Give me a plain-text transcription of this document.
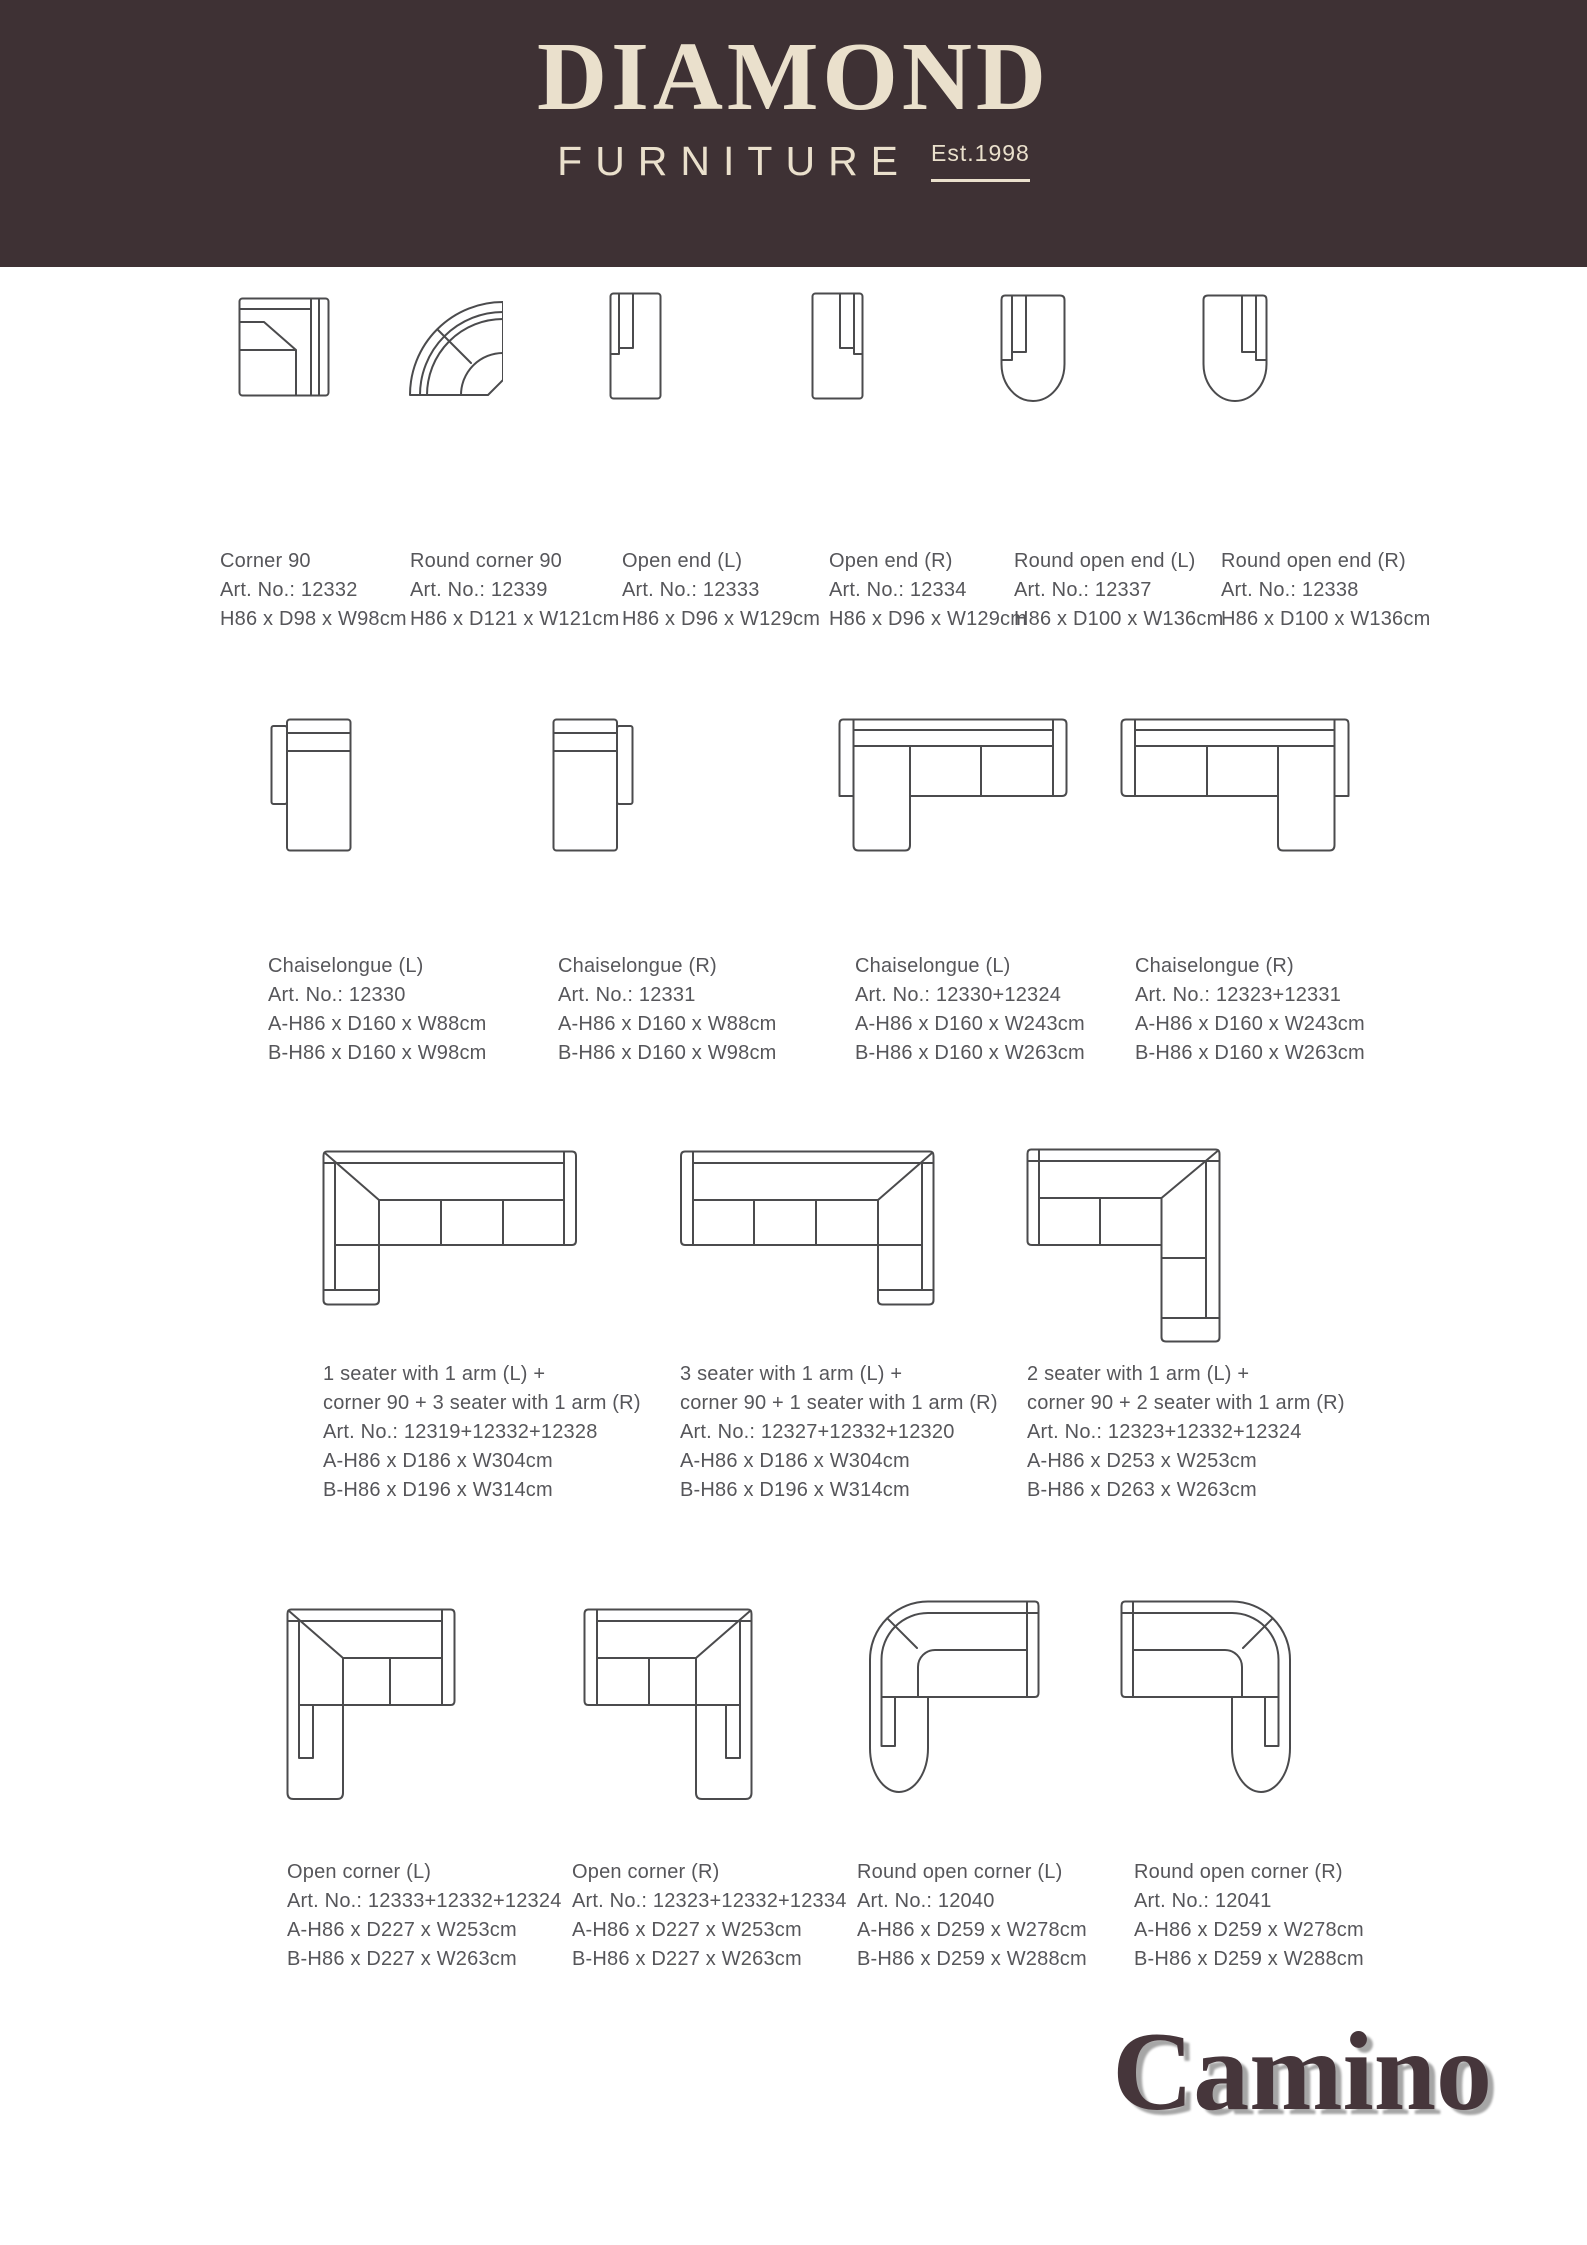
DIAMOND
FURNITURE Est.1998
Corner 90
Art. No.: 12332
H86 x D98 x W98cm
Round corner 90
Art. No.: 12339
H86 x D121 x W121cm
Open end (L)
Art. No.: 12333
H86 x D96 x W129cm
Open end (R)
Art. No.: 12334
H86 x D96 x W129cm
Round open end (L)
Art. No.: 12337
H86 x D100 x W136cm
Round open end (R)
Art. No.: 12338
H86 x D100 x W136cm
Chaiselongue (L)
Art. No.: 12330
A-H86 x D160 x W88cm
B-H86 x D160 x W98cm
Chaiselongue (R)
Art. No.: 12331
A-H86 x D160 x W88cm
B-H86 x D160 x W98cm
Chaiselongue (L)
Art. No.: 12330+12324
A-H86 x D160 x W243cm
B-H86 x D160 x W263cm
Chaiselongue (R)
Art. No.: 12323+12331
A-H86 x D160 x W243cm
B-H86 x D160 x W263cm
1 seater with 1 arm (L) +
corner 90 + 3 seater with 1 arm (R)
Art. No.: 12319+12332+12328
A-H86 x D186 x W304cm
B-H86 x D196 x W314cm
3 seater with 1 arm (L) +
corner 90 + 1 seater with 1 arm (R)
Art. No.: 12327+12332+12320
A-H86 x D186 x W304cm
B-H86 x D196 x W314cm
2 seater with 1 arm (L) +
corner 90 + 2 seater with 1 arm (R)
Art. No.: 12323+12332+12324
A-H86 x D253 x W253cm
B-H86 x D263 x W263cm
Open corner (L)
Art. No.: 12333+12332+12324
A-H86 x D227 x W253cm
B-H86 x D227 x W263cm
Open corner (R)
Art. No.: 12323+12332+12334
A-H86 x D227 x W253cm
B-H86 x D227 x W263cm
Round open corner (L)
Art. No.: 12040
A-H86 x D259 x W278cm
B-H86 x D259 x W288cm
Round open corner (R)
Art. No.: 12041
A-H86 x D259 x W278cm
B-H86 x D259 x W288cm
Camino
